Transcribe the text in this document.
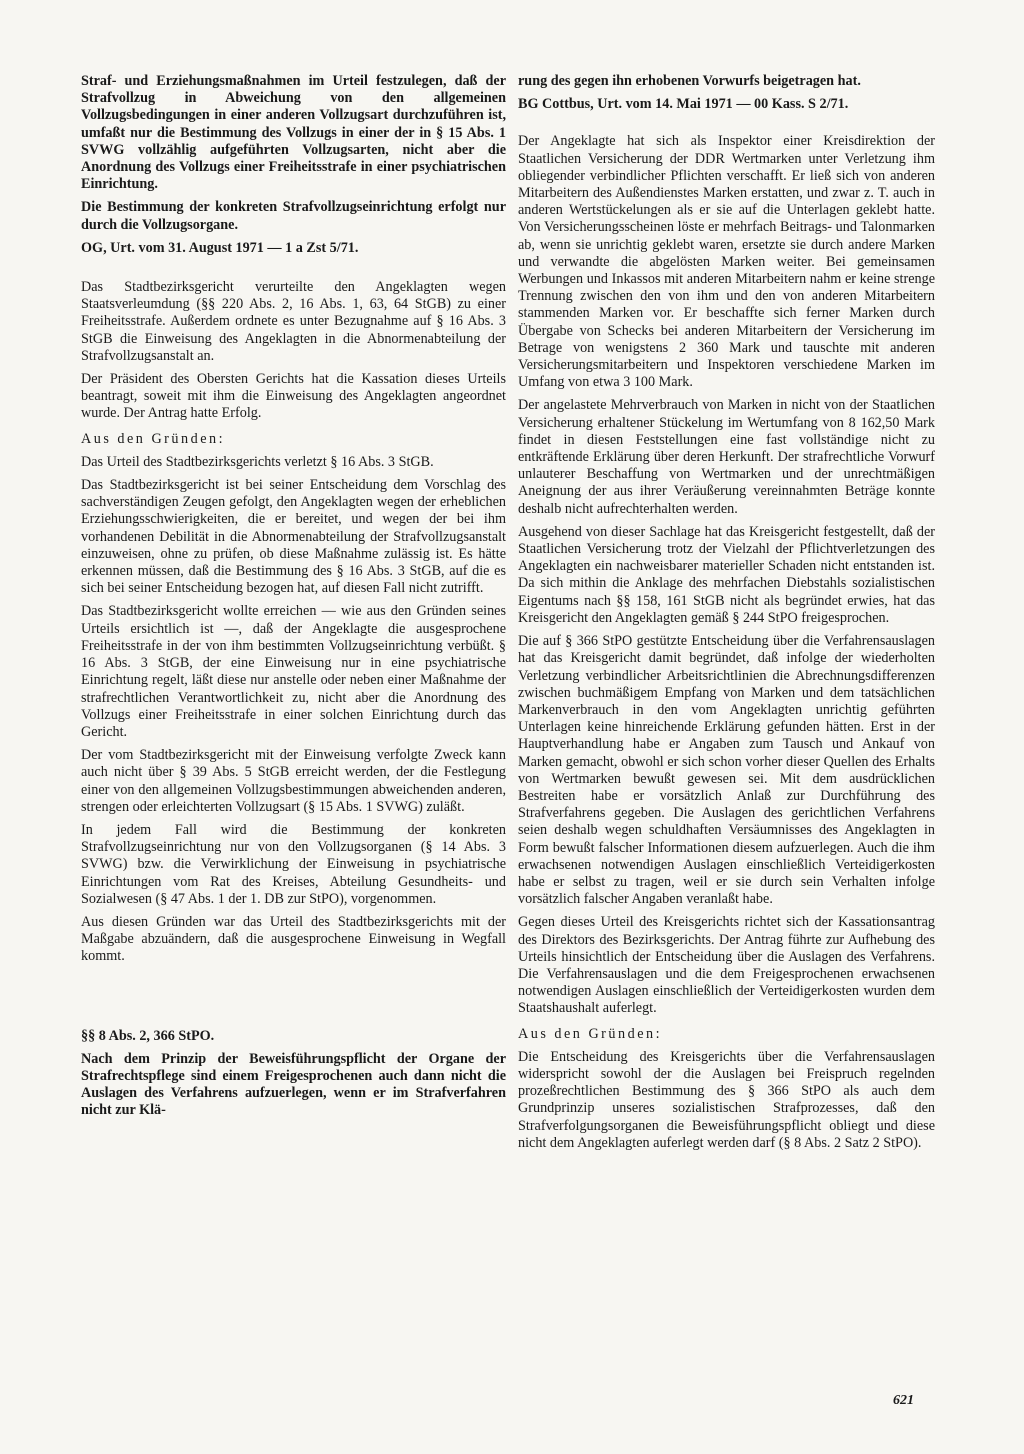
Straf- und Erziehungsmaßnahmen im Urteil festzulegen, daß der Strafvollzug in Abweichung von den allgemeinen Vollzugsbedingungen in einer anderen Vollzugsart durchzuführen ist, umfaßt nur die Bestimmung des Vollzugs in einer der in § 15 Abs. 1 SVWG vollzählig aufgeführten Vollzugsarten, nicht aber die Anordnung des Vollzugs einer Freiheitsstrafe in einer psychiatrischen Einrichtung.

Die Bestimmung der konkreten Strafvollzugseinrichtung erfolgt nur durch die Vollzugsorgane.

OG, Urt. vom 31. August 1971 — 1 a Zst 5/71.

Das Stadtbezirksgericht verurteilte den Angeklagten wegen Staatsverleumdung (§§ 220 Abs. 2, 16 Abs. 1, 63, 64 StGB) zu einer Freiheitsstrafe. Außerdem ordnete es unter Bezugnahme auf § 16 Abs. 3 StGB die Einweisung des Angeklagten in die Abnormenabteilung der Strafvollzugsanstalt an.

Der Präsident des Obersten Gerichts hat die Kassation dieses Urteils beantragt, soweit mit ihm die Einweisung des Angeklagten angeordnet wurde. Der Antrag hatte Erfolg.

Aus den Gründen:

Das Urteil des Stadtbezirksgerichts verletzt § 16 Abs. 3 StGB.

Das Stadtbezirksgericht ist bei seiner Entscheidung dem Vorschlag des sachverständigen Zeugen gefolgt, den Angeklagten wegen der erheblichen Erziehungsschwierigkeiten, die er bereitet, und wegen der bei ihm vorhandenen Debilität in die Abnormenabteilung der Strafvollzugsanstalt einzuweisen, ohne zu prüfen, ob diese Maßnahme zulässig ist. Es hätte erkennen müssen, daß die Bestimmung des § 16 Abs. 3 StGB, auf die es sich bei seiner Entscheidung bezogen hat, auf diesen Fall nicht zutrifft.

Das Stadtbezirksgericht wollte erreichen — wie aus den Gründen seines Urteils ersichtlich ist —, daß der Angeklagte die ausgesprochene Freiheitsstrafe in der von ihm bestimmten Vollzugseinrichtung verbüßt. § 16 Abs. 3 StGB, der eine Einweisung nur in eine psychiatrische Einrichtung regelt, läßt diese nur anstelle oder neben einer Maßnahme der strafrechtlichen Verantwortlichkeit zu, nicht aber die Anordnung des Vollzugs einer Freiheitsstrafe in einer solchen Einrichtung durch das Gericht.

Der vom Stadtbezirksgericht mit der Einweisung verfolgte Zweck kann auch nicht über § 39 Abs. 5 StGB erreicht werden, der die Festlegung einer von den allgemeinen Vollzugsbestimmungen abweichenden anderen, strengen oder erleichterten Vollzugsart (§ 15 Abs. 1 SVWG) zuläßt.

In jedem Fall wird die Bestimmung der konkreten Strafvollzugseinrichtung nur von den Vollzugsorganen (§ 14 Abs. 3 SVWG) bzw. die Verwirklichung der Einweisung in psychiatrische Einrichtungen vom Rat des Kreises, Abteilung Gesundheits- und Sozialwesen (§ 47 Abs. 1 der 1. DB zur StPO), vorgenommen.

Aus diesen Gründen war das Urteil des Stadtbezirksgerichts mit der Maßgabe abzuändern, daß die ausgesprochene Einweisung in Wegfall kommt.

§§ 8 Abs. 2, 366 StPO.

Nach dem Prinzip der Beweisführungspflicht der Organe der Strafrechtspflege sind einem Freigesprochenen auch dann nicht die Auslagen des Verfahrens aufzuerlegen, wenn er im Strafverfahren nicht zur Klä-

rung des gegen ihn erhobenen Vorwurfs beigetragen hat.

BG Cottbus, Urt. vom 14. Mai 1971 — 00 Kass. S 2/71.

Der Angeklagte hat sich als Inspektor einer Kreisdirektion der Staatlichen Versicherung der DDR Wertmarken unter Verletzung ihm obliegender verbindlicher Pflichten verschafft. Er ließ sich von anderen Mitarbeitern des Außendienstes Marken erstatten, und zwar z. T. auch in anderen Wertstückelungen als er sie auf die Unterlagen geklebt hatte. Von Versicherungsscheinen löste er mehrfach Beitrags- und Talonmarken ab, wenn sie unrichtig geklebt waren, ersetzte sie durch andere Marken und verwandte die abgelösten Marken weiter. Bei gemeinsamen Werbungen und Inkassos mit anderen Mitarbeitern nahm er keine strenge Trennung zwischen den von ihm und den von anderen Mitarbeitern stammenden Marken vor. Er beschaffte sich ferner Marken durch Übergabe von Schecks bei anderen Mitarbeitern der Versicherung im Betrage von wenigstens 2 360 Mark und tauschte mit anderen Versicherungsmitarbeitern und Inspektoren verschiedene Marken im Umfang von etwa 3 100 Mark.

Der angelastete Mehrverbrauch von Marken in nicht von der Staatlichen Versicherung erhaltener Stückelung im Wertumfang von 8 162,50 Mark findet in diesen Feststellungen eine fast vollständige nicht zu entkräftende Erklärung über deren Herkunft. Der strafrechtliche Vorwurf unlauterer Beschaffung von Wertmarken und der unrechtmäßigen Aneignung der aus ihrer Veräußerung vereinnahmten Beträge konnte deshalb nicht aufrechterhalten werden.

Ausgehend von dieser Sachlage hat das Kreisgericht festgestellt, daß der Staatlichen Versicherung trotz der Vielzahl der Pflichtverletzungen des Angeklagten ein nachweisbarer materieller Schaden nicht entstanden ist. Da sich mithin die Anklage des mehrfachen Diebstahls sozialistischen Eigentums nach §§ 158, 161 StGB nicht als begründet erwies, hat das Kreisgericht den Angeklagten gemäß § 244 StPO freigesprochen.

Die auf § 366 StPO gestützte Entscheidung über die Verfahrensauslagen hat das Kreisgericht damit begründet, daß infolge der wiederholten Verletzung verbindlicher Arbeitsrichtlinien die Abrechnungsdifferenzen zwischen buchmäßigem Empfang von Marken und dem tatsächlichen Markenverbrauch in den vom Angeklagten unrichtig geführten Unterlagen keine hinreichende Erklärung gefunden hätten. Erst in der Hauptverhandlung habe er Angaben zum Tausch und Ankauf von Marken gemacht, obwohl er sich schon vorher dieser Quellen des Erhalts von Wertmarken bewußt gewesen sei. Mit dem ausdrücklichen Bestreiten habe er vorsätzlich Anlaß zur Durchführung des Strafverfahrens gegeben. Die Auslagen des gerichtlichen Verfahrens seien deshalb wegen schuldhaften Versäumnisses des Angeklagten in Form bewußt falscher Informationen diesem aufzuerlegen. Auch die ihm erwachsenen notwendigen Auslagen einschließlich Verteidigerkosten habe er selbst zu tragen, weil er sie durch sein Verhalten infolge vorsätzlich falscher Angaben veranlaßt habe.

Gegen dieses Urteil des Kreisgerichts richtet sich der Kassationsantrag des Direktors des Bezirksgerichts. Der Antrag führte zur Aufhebung des Urteils hinsichtlich der Entscheidung über die Auslagen des Verfahrens. Die Verfahrensauslagen und die dem Freigesprochenen erwachsenen notwendigen Auslagen einschließlich der Verteidigerkosten wurden dem Staatshaushalt auferlegt.

Aus den Gründen:

Die Entscheidung des Kreisgerichts über die Verfahrensauslagen widerspricht sowohl der die Auslagen bei Freispruch regelnden prozeßrechtlichen Bestimmung des § 366 StPO als auch dem Grundprinzip unseres sozialistischen Strafprozesses, daß den Strafverfolgungsorganen die Beweisführungspflicht obliegt und diese nicht dem Angeklagten auferlegt werden darf (§ 8 Abs. 2 Satz 2 StPO).

621
